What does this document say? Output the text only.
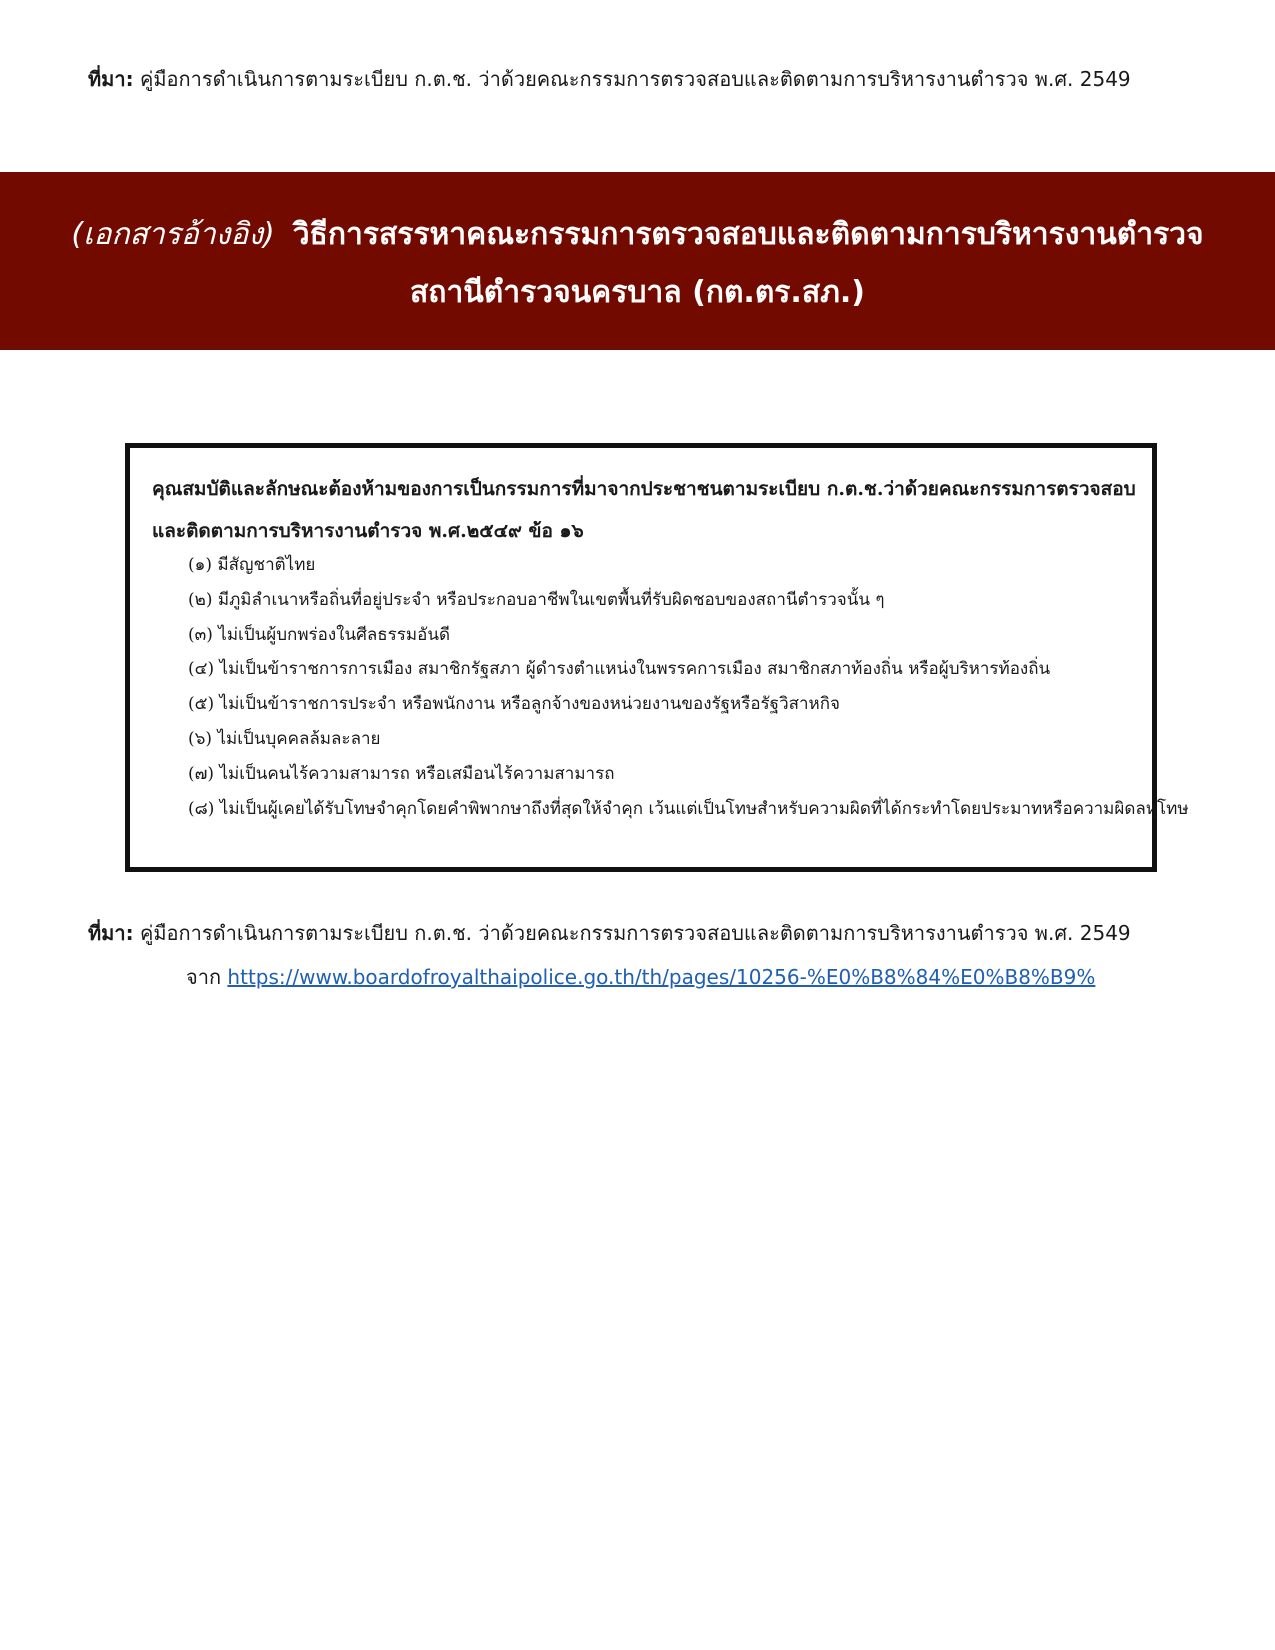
ที่มา: คู่มือการดำเนินการตามระเบียบ ก.ต.ช. ว่าด้วยคณะกรรมการตรวจสอบและติดตามการบริหารงานตำรวจ พ.ศ. 2549
(เอกสารอ้างอิง) วิธีการสรรหาคณะกรรมการตรวจสอบและติดตามการบริหารงานตำรวจ
สถานีตำรวจนครบาล (กต.ตร.สภ.)
คุณสมบัติและลักษณะต้องห้ามของการเป็นกรรมการที่มาจากประชาชนตามระเบียบ ก.ต.ช.ว่าด้วยคณะกรรมการตรวจสอบและติดตามการบริหารงานตำรวจ พ.ศ.๒๕๔๙ ข้อ ๑๖
(๑) มีสัญชาติไทย
(๒) มีภูมิลำเนาหรือถิ่นที่อยู่ประจำ หรือประกอบอาชีพในเขตพื้นที่รับผิดชอบของสถานีตำรวจนั้น ๆ
(๓) ไม่เป็นผู้บกพร่องในศีลธรรมอันดี
(๔) ไม่เป็นข้าราชการการเมือง สมาชิกรัฐสภา ผู้ดำรงตำแหน่งในพรรคการเมือง สมาชิกสภาท้องถิ่น หรือผู้บริหารท้องถิ่น
(๕) ไม่เป็นข้าราชการประจำ หรือพนักงาน หรือลูกจ้างของหน่วยงานของรัฐหรือรัฐวิสาหกิจ
(๖) ไม่เป็นบุคคลล้มละลาย
(๗) ไม่เป็นคนไร้ความสามารถ หรือเสมือนไร้ความสามารถ
(๘) ไม่เป็นผู้เคยได้รับโทษจำคุกโดยคำพิพากษาถึงที่สุดให้จำคุก เว้นแต่เป็นโทษสำหรับความผิดที่ได้กระทำโดยประมาทหรือความผิดลหุโทษ
ที่มา: คู่มือการดำเนินการตามระเบียบ ก.ต.ช. ว่าด้วยคณะกรรมการตรวจสอบและติดตามการบริหารงานตำรวจ พ.ศ. 2549
จาก https://www.boardofroyalthaipolice.go.th/th/pages/10256-%E0%B8%84%E0%B8%B9%
